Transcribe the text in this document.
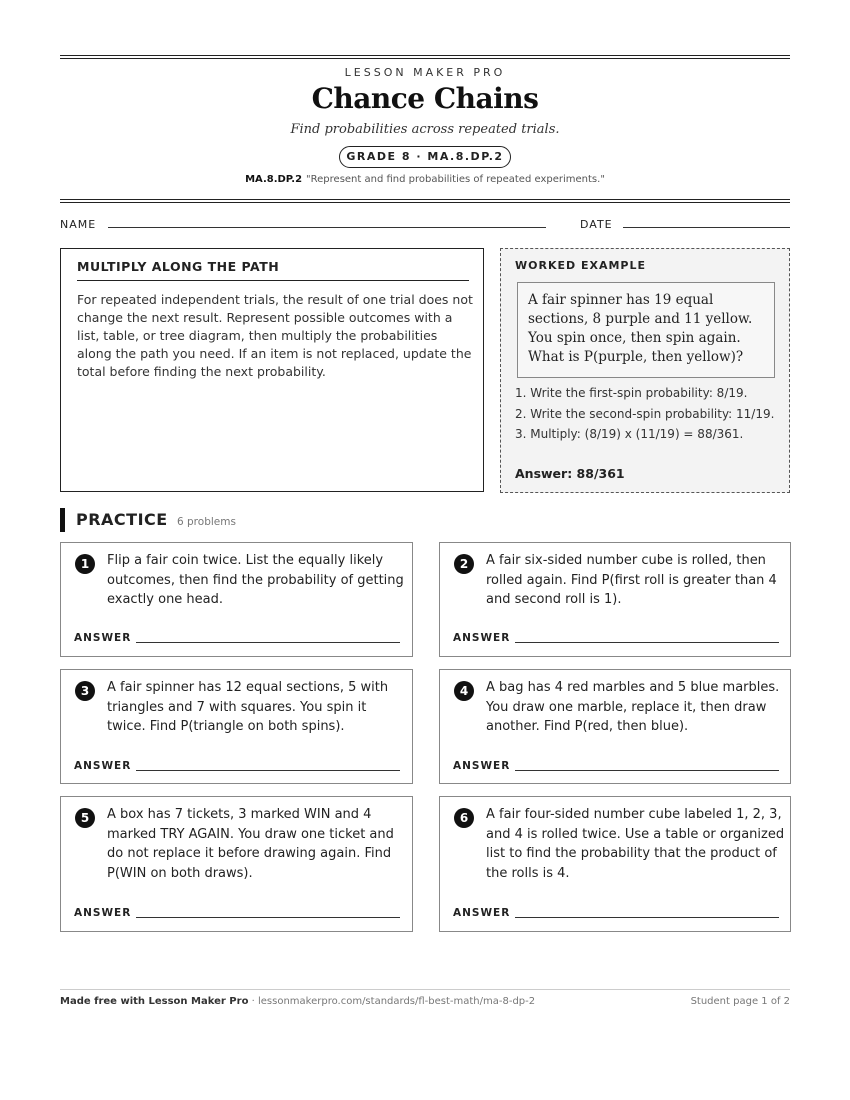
LESSON MAKER PRO
Chance Chains
Find probabilities across repeated trials.
GRADE 8 · MA.8.DP.2
MA.8.DP.2 "Represent and find probabilities of repeated experiments."
NAME	DATE
MULTIPLY ALONG THE PATH
For repeated independent trials, the result of one trial does not change the next result. Represent possible outcomes with a list, table, or tree diagram, then multiply the probabilities along the path you need. If an item is not replaced, update the total before finding the next probability.
WORKED EXAMPLE
A fair spinner has 19 equal sections, 8 purple and 11 yellow. You spin once, then spin again. What is P(purple, then yellow)?
1. Write the first-spin probability: 8/19.
2. Write the second-spin probability: 11/19.
3. Multiply: (8/19) x (11/19) = 88/361.
Answer: 88/361
PRACTICE 6 problems
1	Flip a fair coin twice. List the equally likely outcomes, then find the probability of getting exactly one head.
ANSWER
2	A fair six-sided number cube is rolled, then rolled again. Find P(first roll is greater than 4 and second roll is 1).
ANSWER
3	A fair spinner has 12 equal sections, 5 with triangles and 7 with squares. You spin it twice. Find P(triangle on both spins).
ANSWER
4	A bag has 4 red marbles and 5 blue marbles. You draw one marble, replace it, then draw another. Find P(red, then blue).
ANSWER
5	A box has 7 tickets, 3 marked WIN and 4 marked TRY AGAIN. You draw one ticket and do not replace it before drawing again. Find P(WIN on both draws).
ANSWER
6	A fair four-sided number cube labeled 1, 2, 3, and 4 is rolled twice. Use a table or organized list to find the probability that the product of the rolls is 4.
ANSWER
Made free with Lesson Maker Pro · lessonmakerpro.com/standards/fl-best-math/ma-8-dp-2	Student page 1 of 2
